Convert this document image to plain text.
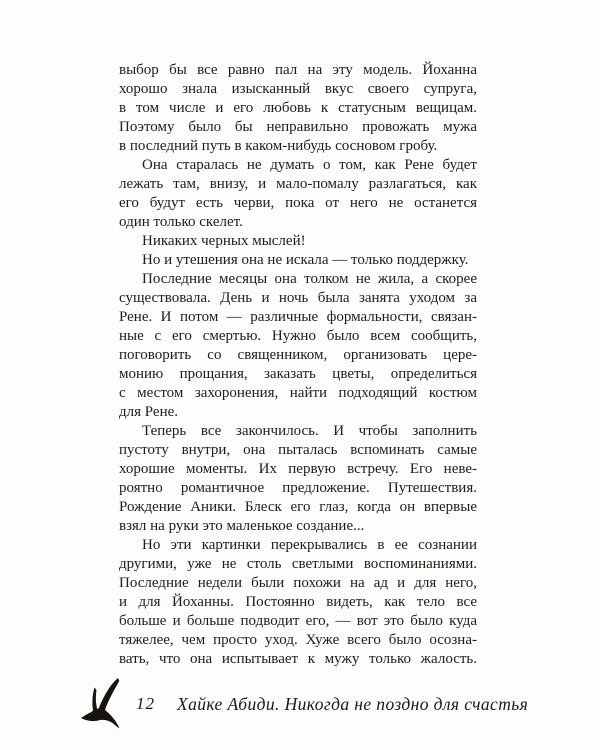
выбор бы все равно пал на эту модель. Йоханна
хорошо знала изысканный вкус своего супруга,
в том числе и его любовь к статусным вещицам.
Поэтому было бы неправильно провожать мужа
в последний путь в каком-нибудь сосновом гробу.
Она старалась не думать о том, как Рене будет
лежать там, внизу, и мало-помалу разлагаться, как
его будут есть черви, пока от него не останется
один только скелет.
Никаких черных мыслей!
Но и утешения она не искала — только поддержку.
Последние месяцы она толком не жила, а скорее
существовала. День и ночь была занята уходом за
Рене. И потом — различные формальности, связан-
ные с его смертью. Нужно было всем сообщить,
поговорить со священником, организовать цере-
монию прощания, заказать цветы, определиться
с местом захоронения, найти подходящий костюм
для Рене.
Теперь все закончилось. И чтобы заполнить
пустоту внутри, она пыталась вспоминать самые
хорошие моменты. Их первую встречу. Его неве-
роятно романтичное предложение. Путешествия.
Рождение Аники. Блеск его глаз, когда он впервые
взял на руки это маленькое создание...
Но эти картинки перекрывались в ее сознании
другими, уже не столь светлыми воспоминаниями.
Последние недели были похожи на ад и для него,
и для Йоханны. Постоянно видеть, как тело все
больше и больше подводит его, — вот это было куда
тяжелее, чем просто уход. Хуже всего было осозна-
вать, что она испытывает к мужу только жалость.
12 Хайке Абиди. Никогда не поздно для счастья
